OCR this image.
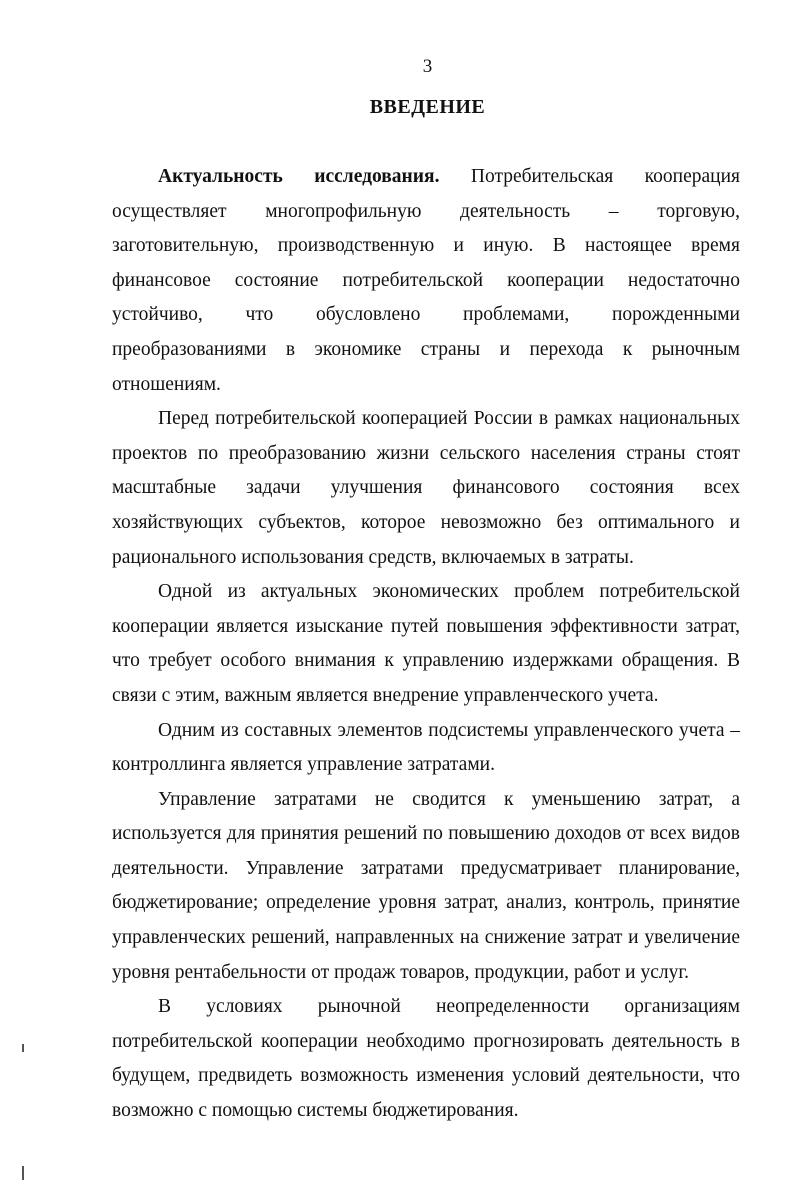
3
ВВЕДЕНИЕ

Актуальность исследования. Потребительская кооперация осуществляет многопрофильную деятельность – торговую, заготовительную, производственную и иную. В настоящее время финансовое состояние потребительской кооперации недостаточно устойчиво, что обусловлено проблемами, порожденными преобразованиями в экономике страны и перехода к рыночным отношениям.

Перед потребительской кооперацией России в рамках национальных проектов по преобразованию жизни сельского населения страны стоят масштабные задачи улучшения финансового состояния всех хозяйствующих субъектов, которое невозможно без оптимального и рационального использования средств, включаемых в затраты.

Одной из актуальных экономических проблем потребительской кооперации является изыскание путей повышения эффективности затрат, что требует особого внимания к управлению издержками обращения. В связи с этим, важным является внедрение управленческого учета.

Одним из составных элементов подсистемы управленческого учета – контроллинга является управление затратами.

Управление затратами не сводится к уменьшению затрат, а используется для принятия решений по повышению доходов от всех видов деятельности. Управление затратами предусматривает планирование, бюджетирование; определение уровня затрат, анализ, контроль, принятие управленческих решений, направленных на снижение затрат и увеличение уровня рентабельности от продаж товаров, продукции, работ и услуг.

В условиях рыночной неопределенности организациям потребительской кооперации необходимо прогнозировать деятельность в будущем, предвидеть возможность изменения условий деятельности, что возможно с помощью системы бюджетирования.
